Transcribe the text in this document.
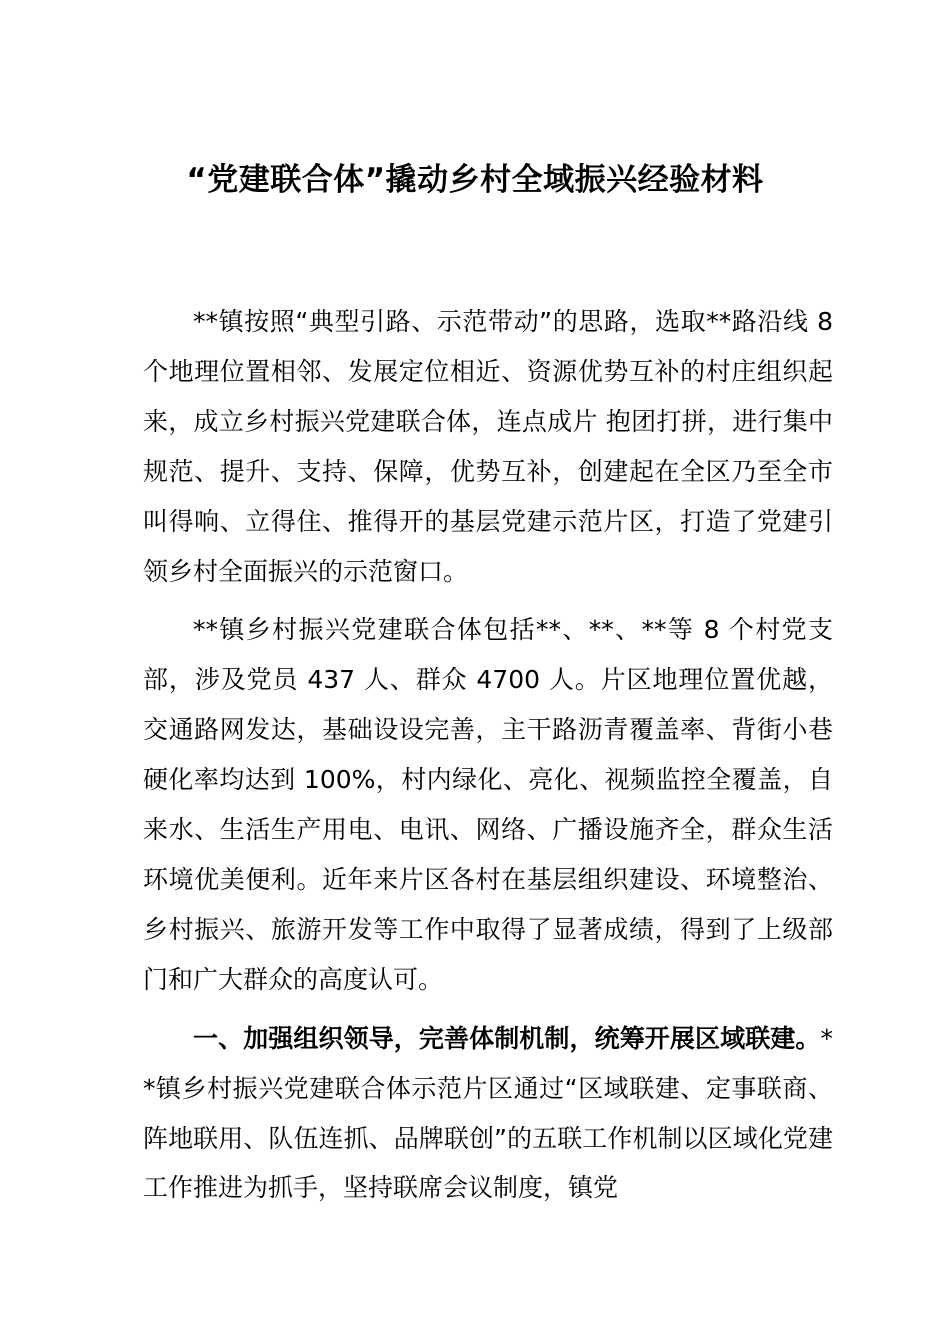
“党建联合体”撬动乡村全域振兴经验材料

**镇按照“典型引路、示范带动”的思路，选取**路沿线 8 个地理位置相邻、发展定位相近、资源优势互补的村庄组织起来，成立乡村振兴党建联合体，连点成片 抱团打拼，进行集中规范、提升、支持、保障，优势互补，创建起在全区乃至全市叫得响、立得住、推得开的基层党建示范片区，打造了党建引领乡村全面振兴的示范窗口。

**镇乡村振兴党建联合体包括**、**、**等 8 个村党支部，涉及党员 437 人、群众 4700 人。片区地理位置优越，交通路网发达，基础设设完善，主干路沥青覆盖率、背街小巷硬化率均达到 100%，村内绿化、亮化、视频监控全覆盖，自来水、生活生产用电、电讯、网络、广播设施齐全，群众生活环境优美便利。近年来片区各村在基层组织建设、环境整治、乡村振兴、旅游开发等工作中取得了显著成绩，得到了上级部门和广大群众的高度认可。

一、加强组织领导，完善体制机制，统筹开展区域联建。**镇乡村振兴党建联合体示范片区通过“区域联建、定事联商、阵地联用、队伍连抓、品牌联创”的五联工作机制以区域化党建工作推进为抓手，坚持联席会议制度，镇党
